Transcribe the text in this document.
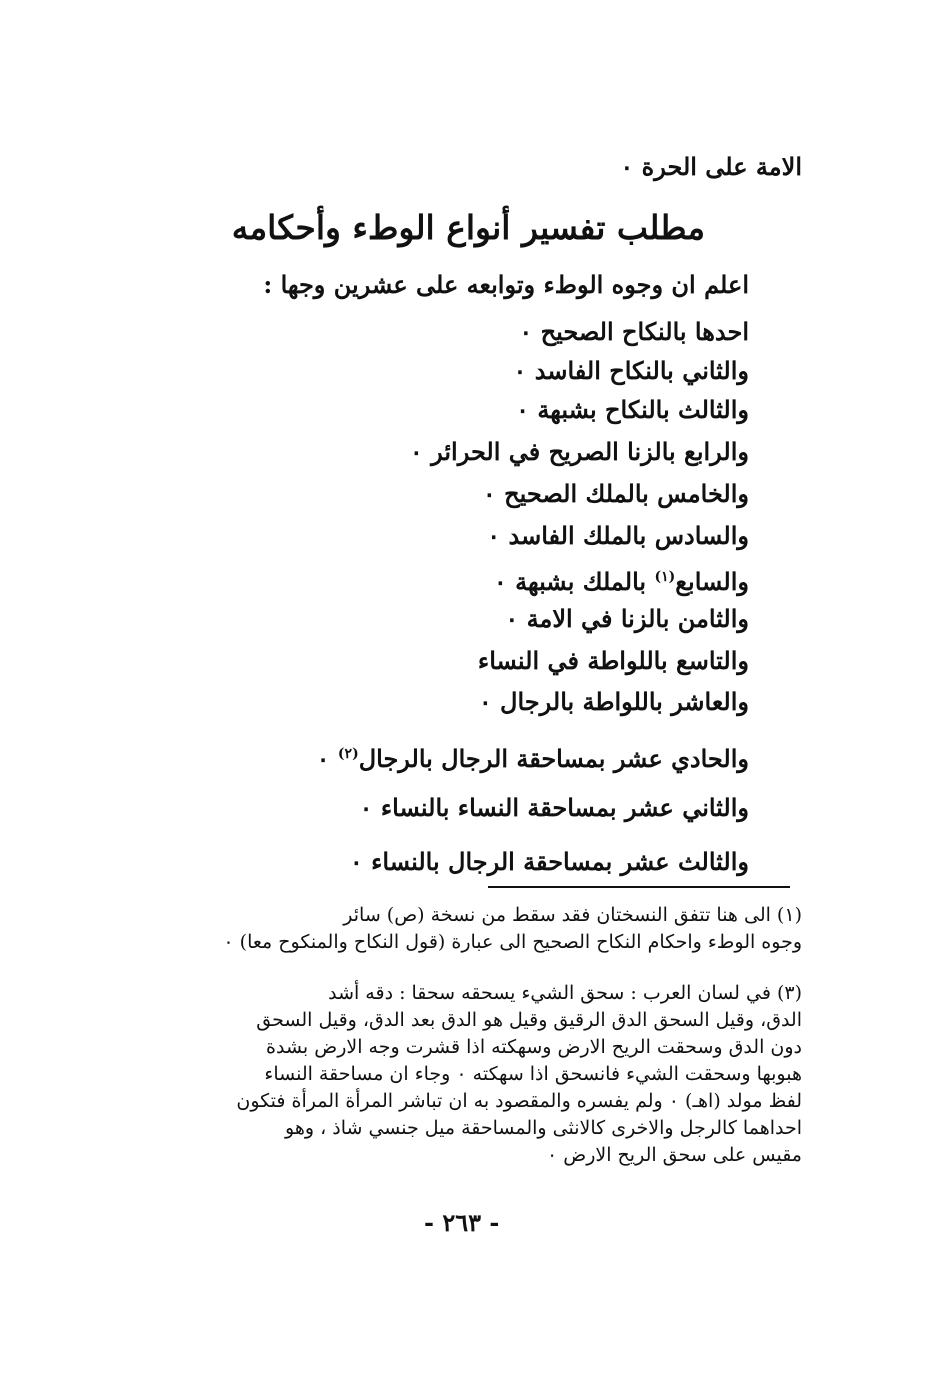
الامة على الحرة ٠
مطلب تفسير أنواع الوطء وأحكامه
اعلم ان وجوه الوطء وتوابعه على عشرين وجها :
احدها بالنكاح الصحيح ٠
والثاني بالنكاح الفاسد ٠
والثالث بالنكاح بشبهة ٠
والرابع بالزنا الصريح في الحرائر ٠
والخامس بالملك الصحيح ٠
والسادس بالملك الفاسد ٠
والسابع$^{(١)}$ بالملك بشبهة ٠
والثامن بالزنا في الامة ٠
والتاسع باللواطة في النساء
والعاشر باللواطة بالرجال ٠
والحادي عشر بمساحقة الرجال بالرجال$^{(٢)}$ ٠
والثاني عشر بمساحقة النساء بالنساء ٠
والثالث عشر بمساحقة الرجال بالنساء ٠

(١) الى هنا تتفق النسختان فقد سقط من نسخة (ص) سائر

وجوه الوطء واحكام النكاح الصحيح الى عبارة (قول النكاح والمنكوح معا) ٠

(٣) في لسان العرب : سحق الشيء يسحقه سحقا : دقه أشد

الدق، وقيل السحق الدق الرقيق وقيل هو الدق بعد الدق، وقيل السحق

دون الدق وسحقت الريح الارض وسهكته اذا قشرت وجه الارض بشدة

هبوبها وسحقت الشيء فانسحق اذا سهكته ٠ وجاء ان مساحقة النساء

لفظ مولد (اهـ) ٠ ولم يفسره والمقصود به ان تباشر المرأة المرأة فتكون

احداهما كالرجل والاخرى كالانثى والمساحقة ميل جنسي شاذ ، وهو

مقيس على سحق الريح الارض ٠

- ٢٦٣ -
